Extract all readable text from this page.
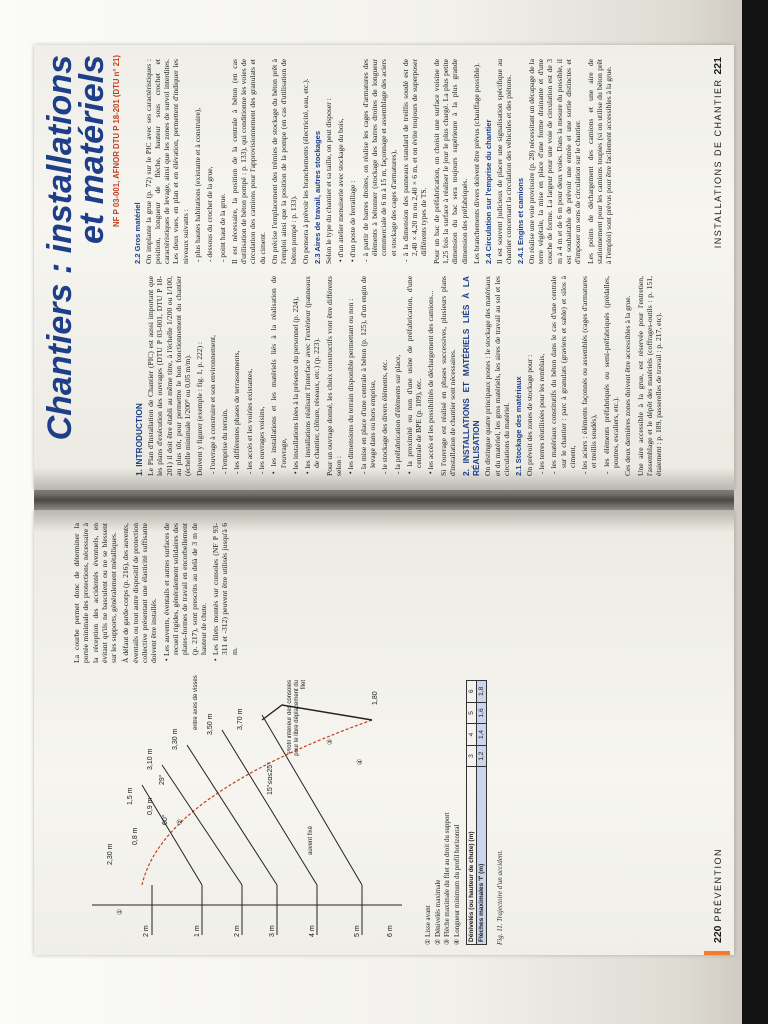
2 m	1 m	2 m	3 m	4 m	5 m	6 m
2,30 m
0,8 m
1,5 m
3,10 m
3,30 m
3,50 m	3,70 m
0,9 m
1,80
29°
60°
15°≤α≤25°
①
②
③
④
entre axes de visses
auvent fixé
Profil intérieur des consoles pour le libre déplacement du filet
① Lisse avant ② Dénivelés maximale ③ Flèche maximale du filet au droit du support ④ Longueur minimum du profil horizontal Dénivelés (ou hauteur de chute) (m)	3	4	5	6
Flèches maximales 'f' (m)	1,2	1,4	1,6	1,8
Fig. 11. Trajectoire d'un accident.

La courbe permet donc de déterminer la portée minimale des protections, nécessaire à la réception des accidentés éventuels, en évitant qu'ils ne basculent ou ne se blessent sur les supports, généralement métalliques. À défaut de garde-corps (p. 216), des auvents, éventails ou tout autre dispositif de protection collective présentant une élasticité suffisante doivent être installés. • Les auvents, éventails et autres surfaces de recueil rigides, généralement solidaires des plates-formes de travail en encorbellement (p. 217), sont prescrits au delà de 3 m de hauteur de chute. • Les filets montés sur consoles (NF P 93-311 et -312) peuvent être utilisés jusqu'à 6 m.

220 PRÉVENTION
Chantiers : installations
et matériels NF P 03-001, AFNOR DTU P 18-201 (DTU n° 21)
1. INTRODUCTION Le Plan d'Installation de Chantier (PIC) est aussi important que les plans d'exécution des ouvrages (DTU P 03-001, DTU P 18-201) il doit être établi au même titre, à l'échelle 1/200 ou 1/100, au plus tôt, pour permettre le bon fonctionnement du chantier (échelle minimale 1/200° ou 0,05 m/m). Doivent y figurer (exemple : fig. 1, p. 222) : - l'ouvrage à construire et son environnement, - l'emprise du terrain, - les différentes phases de terrassements, - les accès et les voiries existantes, - les ouvrages voisins, • les installations et les matériels liés à la réalisation de l'ouvrage, • les installations liées à la présence du personnel (p. 224), • les installations réalisant l'interface avec l'extérieur (panneaux de chantier, clôture, réseaux, etc.) (p. 223). Pour un ouvrage donné, les choix constructifs vont être différents selon : • les dimensions du terrain disponible permettant ou non : - la mise en place d'une centrale à béton (p. 125), d'un engin de levage dans ou hors emprise, - le stockage des divers éléments, etc. - la préfabrication d'éléments sur place, • la proximité ou non d'une usine de préfabrication, d'une centrale de BPE (p. 109), etc. • les accès et les possibilités de déchargement des camions... Si l'ouvrage est réalisé en phases successives, plusieurs plans d'installation de chantier sont nécessaires. 2. INSTALLATIONS ET MATÉRIELS LIÉS À LA RÉALISATION On distingue quatre principaux postes : le stockage des matériaux et du matériel, les gros matériels, les aires de travail au sol et les circulations du matériel. 2.1 Stockage des matériaux On prévoit des zones de stockage pour : - les terres réutilisées pour les remblais, - les matériaux constitutifs du béton dans le cas d'une centrale sur le chantier : parc à granulats (graviers et sable) et silos à ciment, - les aciers : éléments façonnés ou assemblés (cages d'armatures et treillis soudés), - les éléments préfabriqués ou semi-préfabriqués (prédalles, poutres, escaliers, etc.). Ces deux dernières zones doivent être accessibles à la grue. Une aire accessible à la grue, est réservée pour l'entretien, l'assemblage et le dépôt des matériels (coffrages-outils : p. 151, étaiement : p. 189, passerelles de travail : p. 217, etc).

2.2 Gros matériel On implante la grue (p. 72) sur le PIC avec ses caractéristiques : position, longueur de flèche, hauteur sous crochet et caractéristiques de levage, ainsi que les zones de survol interdites. Les deux vues, en plan et en élévation, permettent d'indiquer les niveaux suivants : - plus hautes habitations (existante et à construire), - dessous du crochet de la grue, - point haut de la grue. Il est nécessaire, la position de la centrale à béton (en cas d'utilisation de béton pompé : p. 133), qui conditionne les voies de circulation des camions pour l'approvisionnement des granulats et du ciment. On précise l'emplacement des trémies de stockage du béton prêt à l'emploi ainsi que la position de la pompe (en cas d'utilisation de béton pompé : p. 133). On pensera à prévoir les branchements (électricité, eau, etc.). 2.3 Aires de travail, autres stockages Selon le type du chantier et sa taille, on peut disposer : • d'un atelier menuiserie avec stockage du bois, • d'un poste de ferraillage : - à partir de barres droites, on réalise les cages d'armatures des éléments à bétonner (stockage des barres droites de longueur commerciale de 6 m à 15 m, façonnage et assemblage des aciers et stockage des cages d'armatures), - à la dimension des panneaux standard de treillis soudé est de 2,40 × 4,20 m ou 2,40 × 6 m, et on évite toujours de superposer différents types de TS. Pour un bac de préfabrication, on choisit une surface voisine de 1,25 fois la surface à réaliser le jour le plus chargé. La plus petite dimension du bac sera toujours supérieure à la plus grande dimension des préfabriqués. Les branchements divers doivent être prévus (chauffage possible). 2.4 Circulation sur l'emprise du chantier Il est souvent judicieux de placer une signalisation spécifique au chantier concernant la circulation des véhicules et des piétons. 2.4.1 Engins et camions On réalise une voie provisoire (p. 28) nécessitant un décapage de la terre végétale, la mise en place d'une forme drainante et d'une couche de forme. La largeur pour une voie de circulation est de 3 m à 4 m et de 6 m pour deux voies. Dans la mesure du possible, il est souhaitable de prévoir une entrée et une sortie distinctes et d'imposer un sens de circulation sur le chantier. Les points de déchargement des camions et une aire de stationnement pour les camions toupies (si on utilise du béton prêt à l'emploi) sont prévus pour être facilement accessibles à la grue.	INSTALLATIONS DE CHANTIER 221
